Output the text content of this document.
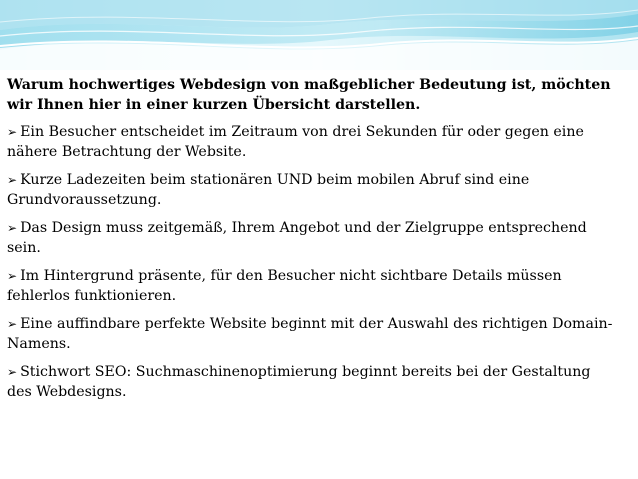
Warum hochwertiges Webdesign von maßgeblicher Bedeutung ist, möchten wir Ihnen hier in einer kurzen Übersicht darstellen.

➢ Ein Besucher entscheidet im Zeitraum von drei Sekunden für oder gegen eine nähere Betrachtung der Website.

➢ Kurze Ladezeiten beim stationären UND beim mobilen Abruf sind eine Grundvoraussetzung.

➢ Das Design muss zeitgemäß, Ihrem Angebot und der Zielgruppe entsprechend sein.

➢ Im Hintergrund präsente, für den Besucher nicht sichtbare Details müssen fehlerlos funktionieren.

➢ Eine auffindbare perfekte Website beginnt mit der Auswahl des richtigen Domain-Namens.

➢ Stichwort SEO: Suchmaschinenoptimierung beginnt bereits bei der Gestaltung des Webdesigns.
